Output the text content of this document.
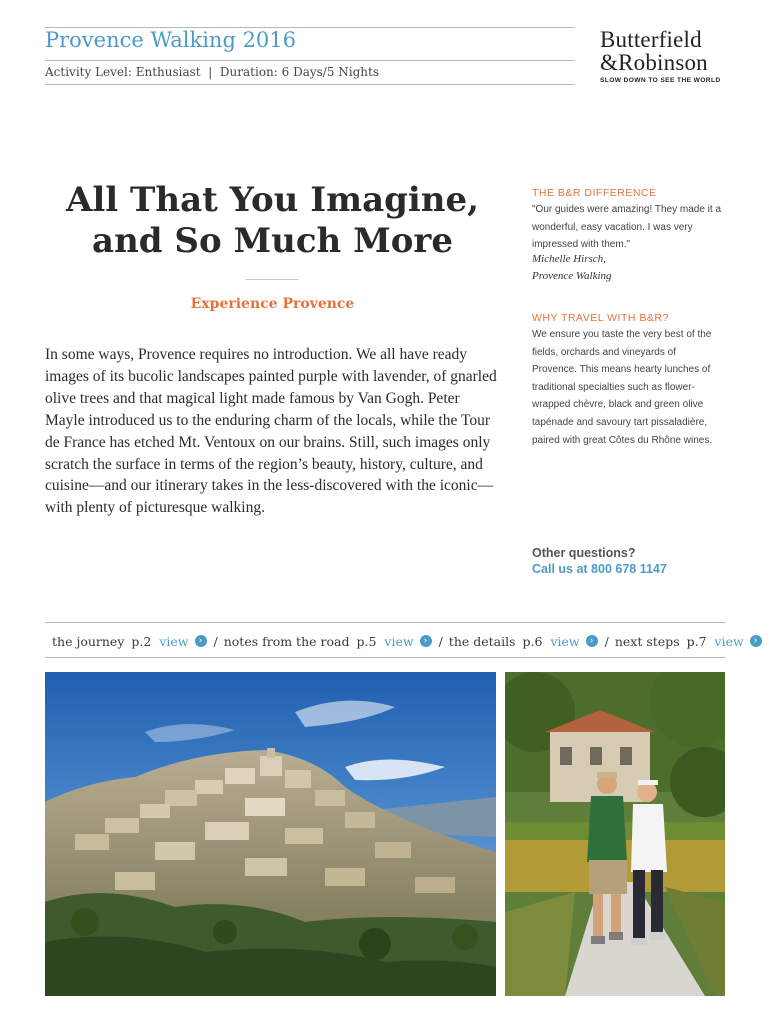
Provence Walking 2016
Activity Level: Enthusiast  |  Duration: 6 Days/5 Nights
Butterfield
&Robinson
SLOW DOWN TO SEE THE WORLD
All That You Imagine,
and So Much More
Experience Provence
In some ways, Provence requires no introduction. We all have ready images of its bucolic landscapes painted purple with lavender, of gnarled olive trees and that magical light made famous by Van Gogh. Peter Mayle introduced us to the enduring charm of the locals, while the Tour de France has etched Mt. Ventoux on our brains. Still, such images only scratch the surface in terms of the region’s beauty, history, culture, and cuisine—and our itinerary takes in the less-discovered with the iconic—with plenty of picturesque walking.
THE B&R DIFFERENCE
"Our guides were amazing! They made it a wonderful, easy vacation. I was very impressed with them."
Michelle Hirsch,
Provence Walking
WHY TRAVEL WITH B&R?
We ensure you taste the very best of the fields, orchards and vineyards of Provence. This means hearty lunches of traditional specialties such as flower-wrapped chèvre, black and green olive tapénade and savoury tart pissaladière, paired with great Côtes du Rhône wines.
Other questions?
Call us at 800 678 1147
the journey p.2 view	› / notes from the road p.5 view	› / the details p.6 view	› / next steps p.7 view	›
